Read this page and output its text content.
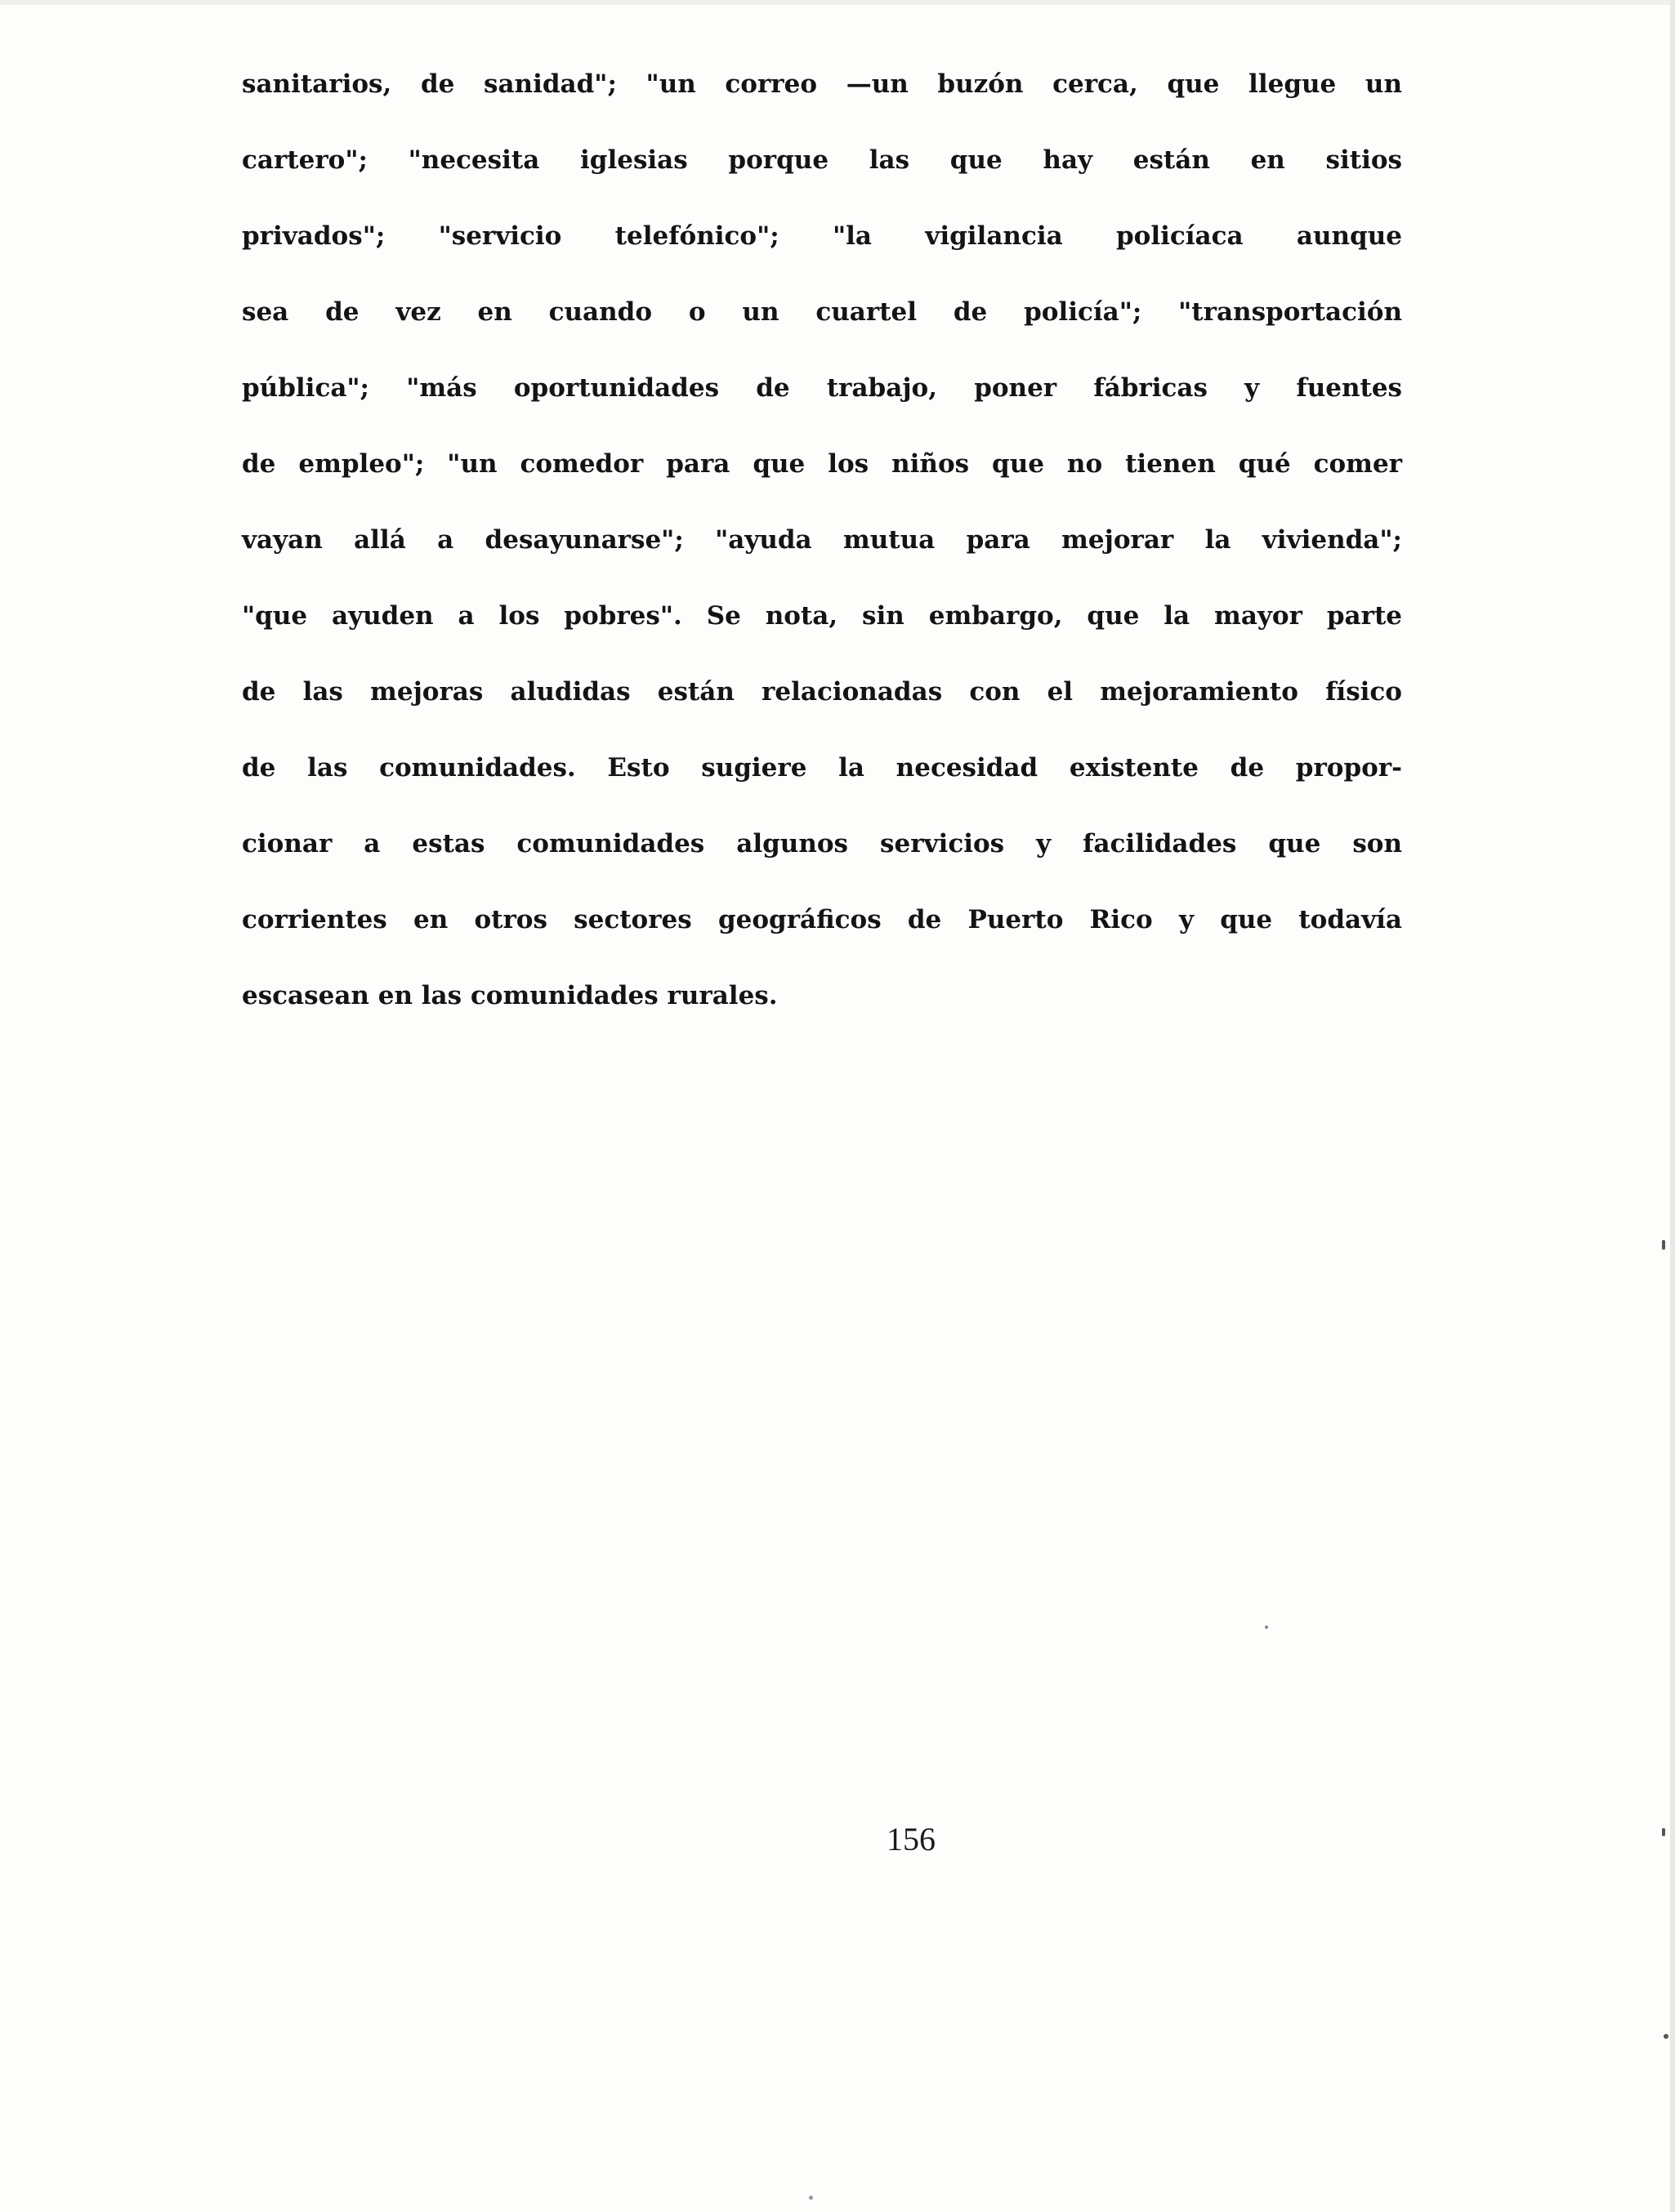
sanitarios, de sanidad"; "un correo —un buzón cerca, que llegue un
cartero"; "necesita iglesias porque las que hay están en sitios
privados"; "servicio telefónico"; "la vigilancia policíaca aunque
sea de vez en cuando o un cuartel de policía"; "transportación
pública"; "más oportunidades de trabajo, poner fábricas y fuentes
de empleo"; "un comedor para que los niños que no tienen qué comer
vayan allá a desayunarse"; "ayuda mutua para mejorar la vivienda";
"que ayuden a los pobres". Se nota, sin embargo, que la mayor parte
de las mejoras aludidas están relacionadas con el mejoramiento físico
de las comunidades. Esto sugiere la necesidad existente de propor-
cionar a estas comunidades algunos servicios y facilidades que son
corrientes en otros sectores geográficos de Puerto Rico y que todavía
escasean en las comunidades rurales.

156
